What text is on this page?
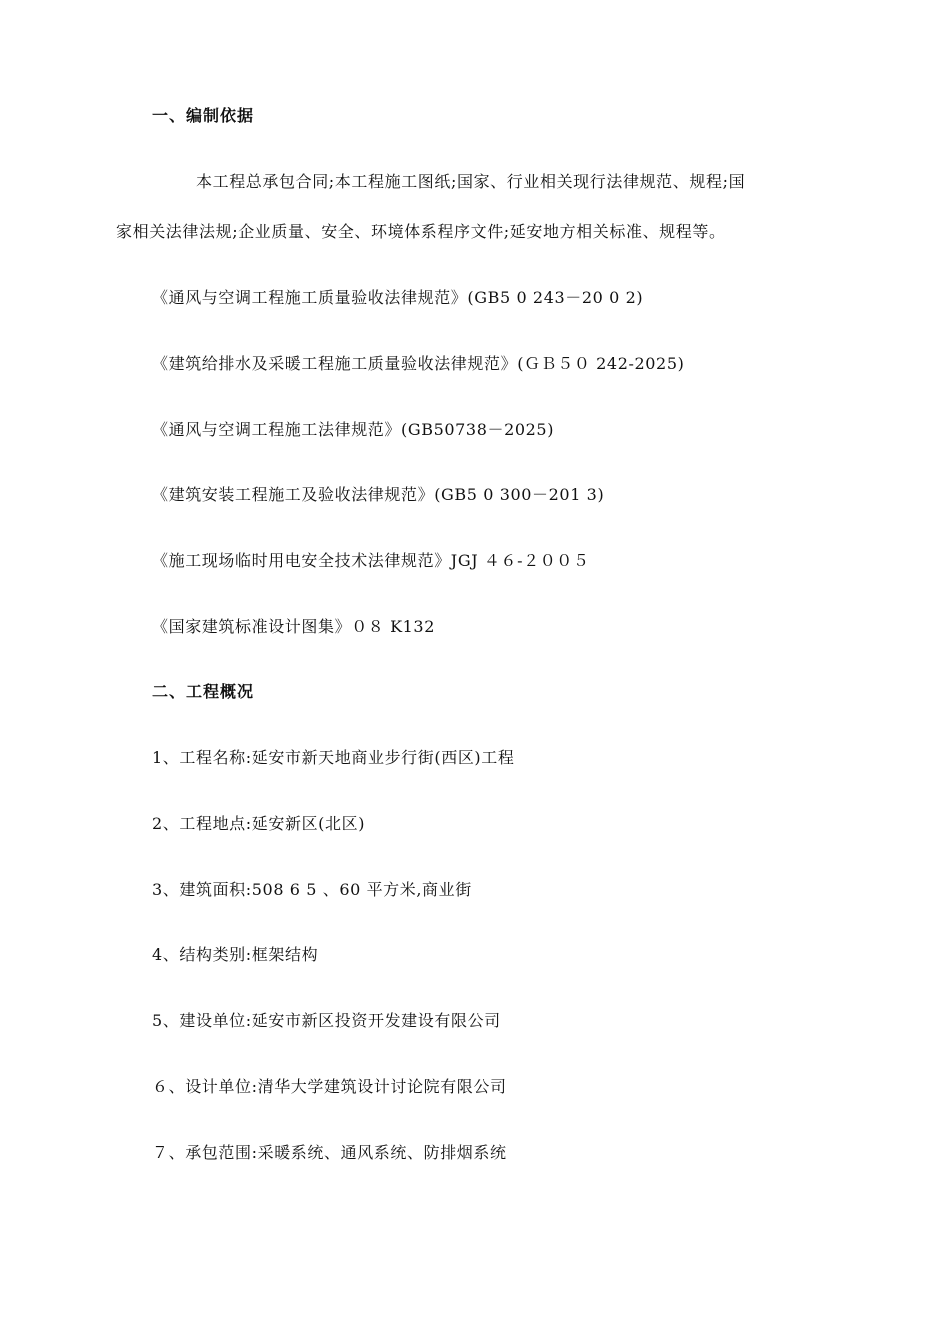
一、编制依据
本工程总承包合同;本工程施工图纸;国家、行业相关现行法律规范、规程;国
家相关法律法规;企业质量、安全、环境体系程序文件;延安地方相关标准、规程等。
《通风与空调工程施工质量验收法律规范》(GB5 0 243－20 0 2)
《建筑给排水及采暖工程施工质量验收法律规范》(ＧＢ５０ 242-2025)
《通风与空调工程施工法律规范》(GB50738－2025)
《建筑安装工程施工及验收法律规范》(GB5 0 300－201 3)
《施工现场临时用电安全技术法律规范》JGJ ４６-２００５
《国家建筑标准设计图集》０８ K132
二、工程概况
1、工程名称:延安市新天地商业步行街(西区)工程
2、工程地点:延安新区(北区)
3、建筑面积:508 6 5 、60 平方米,商业街
4、结构类别:框架结构
5、建设单位:延安市新区投资开发建设有限公司
６、设计单位:清华大学建筑设计讨论院有限公司
７、承包范围:采暖系统、通风系统、防排烟系统
